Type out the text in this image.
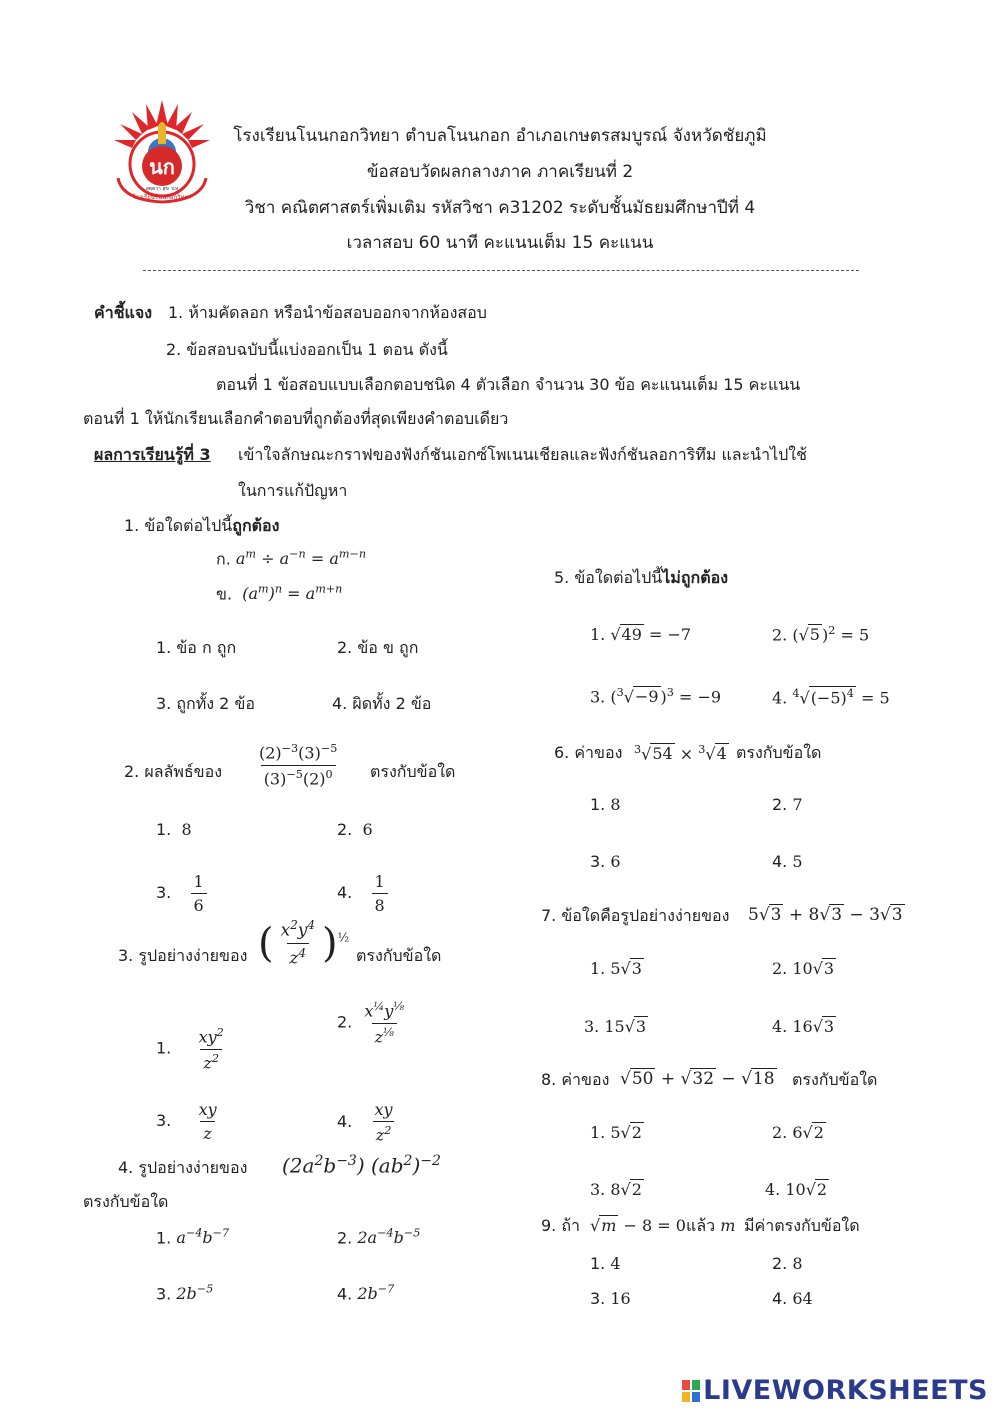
นก
สุตฺตวา สุข วเห
โรงเรียนโนนกอกวิทยา
โรงเรียนโนนกอกวิทยา ตำบลโนนกอก อำเภอเกษตรสมบูรณ์ จังหวัดชัยภูมิ
ข้อสอบวัดผลกลางภาค ภาคเรียนที่ 2
วิชา คณิตศาสตร์เพิ่มเติม รหัสวิชา ค31202 ระดับชั้นมัธยมศึกษาปีที่ 4
เวลาสอบ 60 นาที คะแนนเต็ม 15 คะแนน
คำชี้แจง 1. ห้ามคัดลอก หรือนำข้อสอบออกจากห้องสอบ
2. ข้อสอบฉบับนี้แบ่งออกเป็น 1 ตอน ดังนี้
ตอนที่ 1 ข้อสอบแบบเลือกตอบชนิด 4 ตัวเลือก จำนวน 30 ข้อ คะแนนเต็ม 15 คะแนน
ตอนที่ 1 ให้นักเรียนเลือกคำตอบที่ถูกต้องที่สุดเพียงคำตอบเดียว
ผลการเรียนรู้ที่ 3 เข้าใจลักษณะกราฟของฟังก์ชันเอกซ์โพเนนเชียลและฟังก์ชันลอการิทึม และนำไปใช้
ในการแก้ปัญหา
1. ข้อใดต่อไปนี้ถูกต้อง
ก. $a^m \div a^{-n} = a^{m-n}$
ข. $(a^m)^n = a^{m+n}$
1. ข้อ ก ถูก	2. ข้อ ข ถูก
3. ถูกทั้ง 2 ข้อ	4. ผิดทั้ง 2 ข้อ
2. ผลลัพธ์ของ $\frac{(2)^{-3}(3)^{-5}}{(3)^{-5}(2)^0}$ ตรงกับข้อใด
1. 8	2. 6
3. $\frac{1}{6}$	4. $\frac{1}{8}$
3. รูปอย่างง่ายของ ( $\frac{x^2y^4}{z^4} )^{\frac{1}{2}}$
ตรงกับข้อใด
1. $\frac{xy^2}{z^2}$
2. $\frac{x^{\frac{1}{4}}y^{\frac{1}{8}}}{z^{\frac{1}{8}}}$
3. $\frac{xy}{z}$	4. $\frac{xy}{z^2}$
4. รูปอย่างง่ายของ $(2a^2b^{-3})$ $(ab^2)^{-2}$
ตรงกับข้อใด
1. $a^{-4}b^{-7}$	2. $2a^{-4}b^{-5}$
3. $2b^{-5}$	4. $2b^{-7}$
5. ข้อใดต่อไปนี้ไม่ถูกต้อง
1. √49 = −7	2. (√5 )$^2$ = 5
3. ($^3$√−9 )$^3$ = −9	4. $^4√(-5)^4 = 5$
6. ค่าของ $^3$√54 × $^3$√4 ตรงกับข้อใด
1. 8	2. 7
3. 6	4. 5
7. ข้อใดคือรูปอย่างง่ายของ 5√3 + 8√3 − 3√3
1. 5√3	2. 10√3
3. 15√3	4. 16√3
8. ค่าของ √50 + √32 − √18 ตรงกับข้อใด
1. 5√2	2. 6√2
3. 8√2	4. 10√2
9. ถ้า √m − 8 = 0 แล้ว m มีค่าตรงกับข้อใด
1. 4	2. 8
3. 16	4. 64
LIVEWORKSHEETS
